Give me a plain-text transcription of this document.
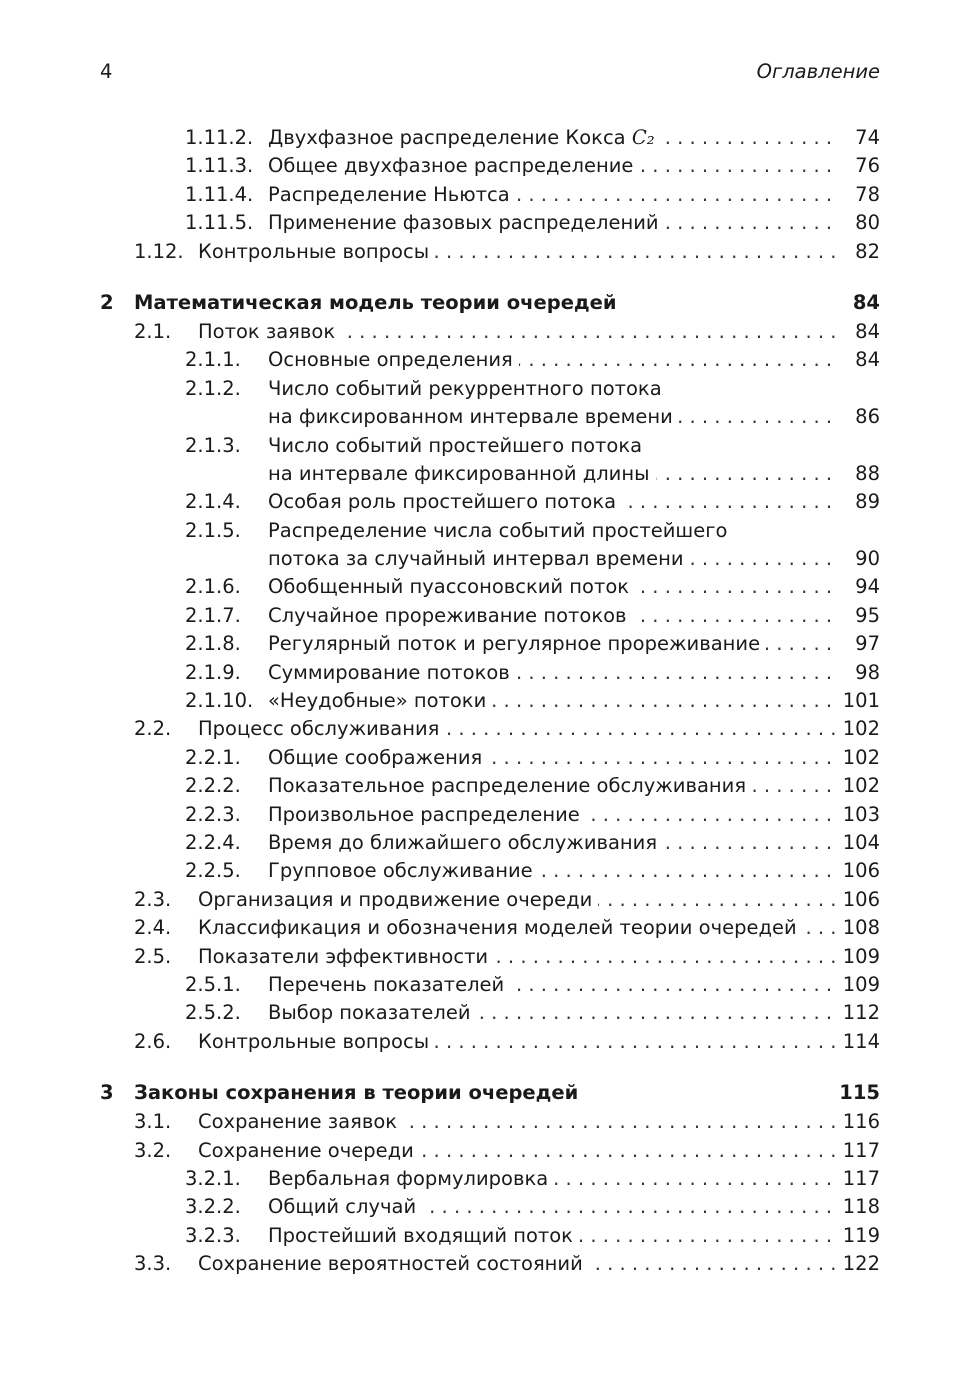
4	Оглавление
1.11.2. Двухфазное распределение Кокса C₂ . .	74
1.11.3. Общее двухфазное распределение . .	76
1.11.4. Распределение Ньютса . .	78
1.11.5. Применение фазовых распределений . .	80
1.12. Контрольные вопросы . .	82
2 Математическая модель теории очередей	84
2.1. Поток заявок . .	84
2.1.1. Основные определения . .	84
2.1.2. Число событий рекуррентного потока
на фиксированном интервале времени . .	86
2.1.3. Число событий простейшего потока
на интервале фиксированной длины . .	88
2.1.4. Особая роль простейшего потока . .	89
2.1.5. Распределение числа событий простейшего
потока за случайный интервал времени . .	90
2.1.6. Обобщенный пуассоновский поток . .	94
2.1.7. Случайное прореживание потоков . .	95
2.1.8. Регулярный поток и регулярное прореживание . .	97
2.1.9. Суммирование потоков . .	98
2.1.10. «Неудобные» потоки . .	101
2.2. Процесс обслуживания . .	102
2.2.1. Общие соображения . .	102
2.2.2. Показательное распределение обслуживания . .	102
2.2.3. Произвольное распределение . .	103
2.2.4. Время до ближайшего обслуживания . .	104
2.2.5. Групповое обслуживание . .	106
2.3. Организация и продвижение очереди . .	106
2.4. Классификация и обозначения моделей теории очередей . .	108
2.5. Показатели эффективности . .	109
2.5.1. Перечень показателей . .	109
2.5.2. Выбор показателей . .	112
2.6. Контрольные вопросы . .	114
3 Законы сохранения в теории очередей	115
3.1. Сохранение заявок . .	116
3.2. Сохранение очереди . .	117
3.2.1. Вербальная формулировка . .	117
3.2.2. Общий случай . .	118
3.2.3. Простейший входящий поток . .	119
3.3. Сохранение вероятностей состояний . .	122
